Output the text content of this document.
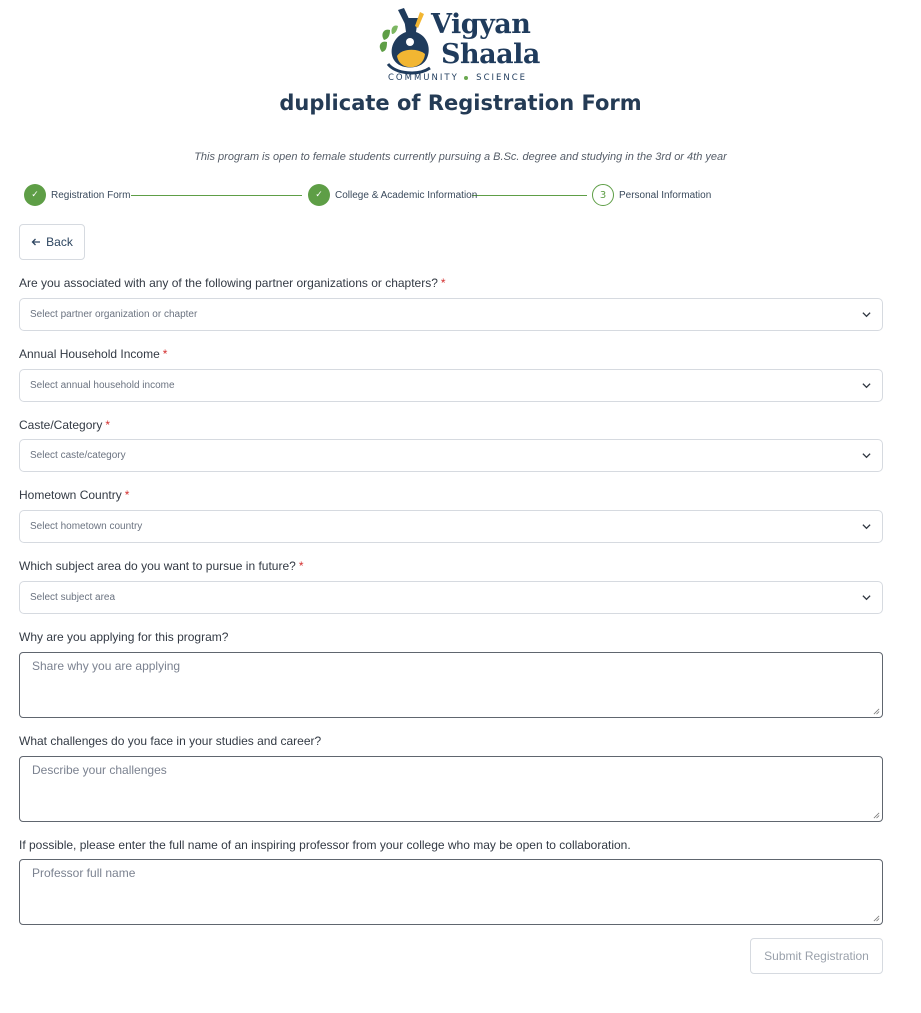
Vigyan
Shaala
COMMUNITY SCIENCE
duplicate of Registration Form

This program is open to female students currently pursuing a B.Sc. degree and studying in the 3rd or 4th year

✓	Registration Form	✓	College & Academic Information	3	Personal Information
Back
Are you associated with any of the following partner organizations or chapters? *
Select partner organization or chapter
Annual Household Income *
Select annual household income
Caste/Category *
Select caste/category
Hometown Country *
Select hometown country
Which subject area do you want to pursue in future? *
Select subject area
Why are you applying for this program?
Share why you are applying
What challenges do you face in your studies and career?
Describe your challenges
If possible, please enter the full name of an inspiring professor from your college who may be open to collaboration.
Professor full name
Submit Registration
